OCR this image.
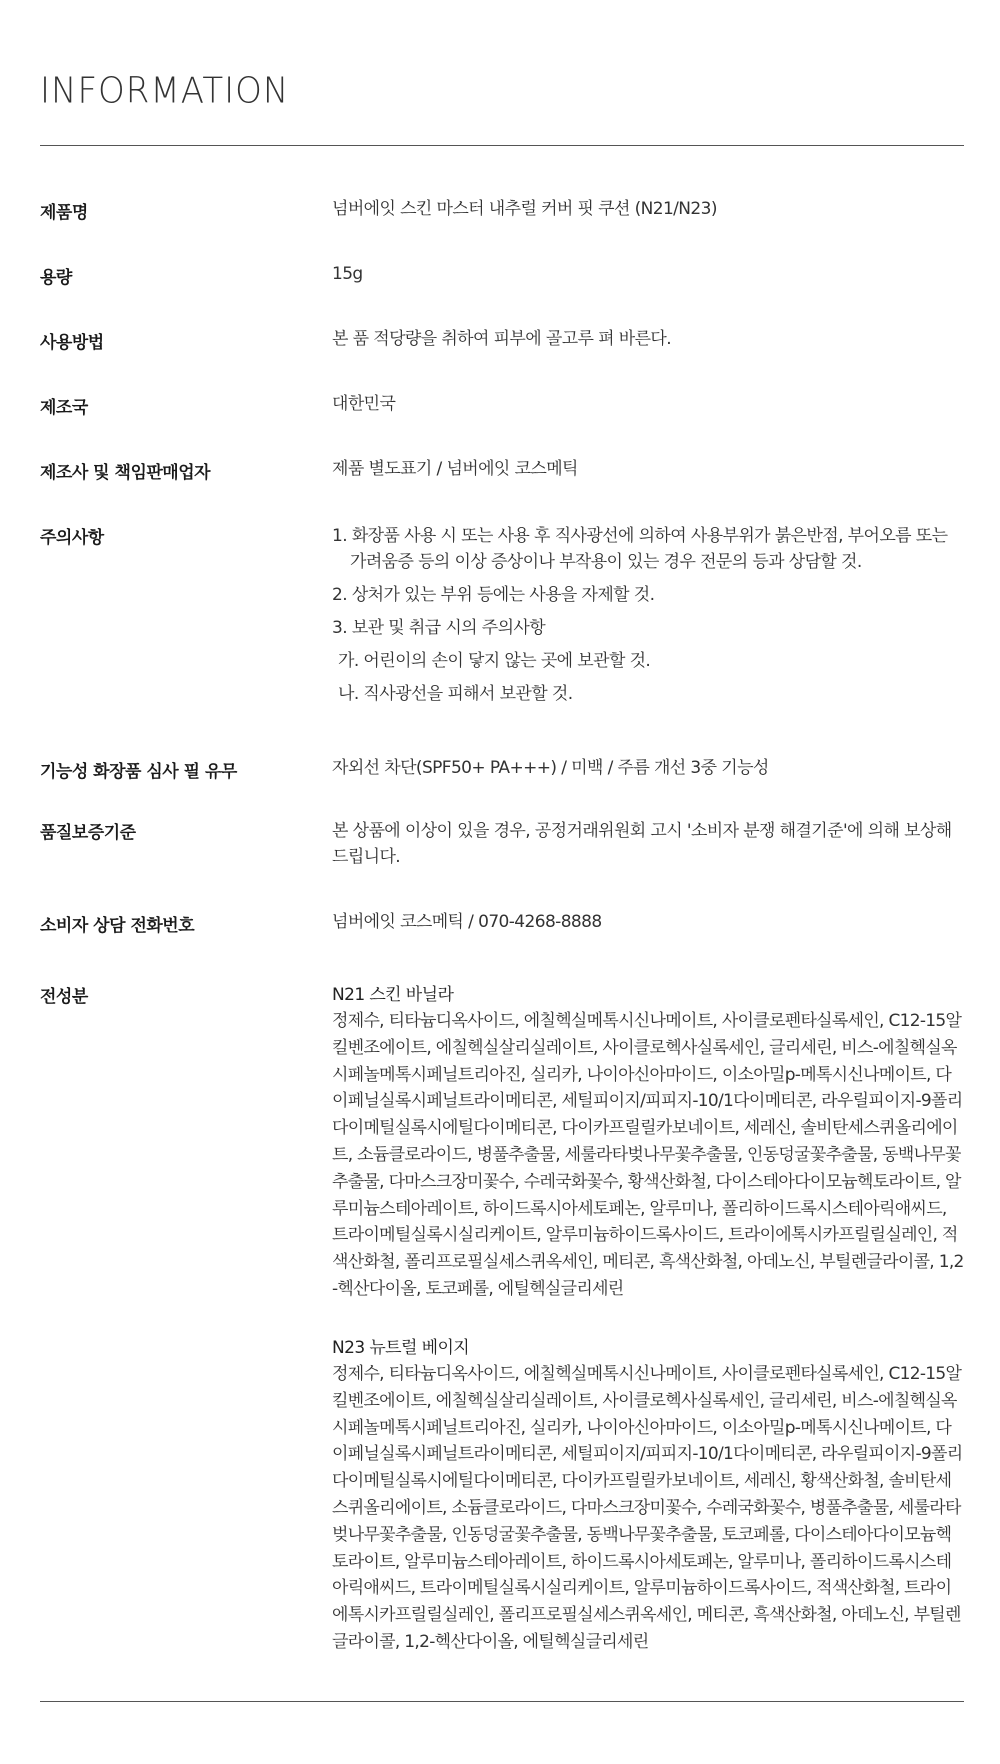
INFORMATION
제품명	넘버에잇 스킨 마스터 내추럴 커버 핏 쿠션 (N21/N23)
용량	15g
사용방법	본 품 적당량을 취하여 피부에 골고루 펴 바른다.
제조국	대한민국
제조사 및 책임판매업자	제품 별도표기 / 넘버에잇 코스메틱
주의사항	1. 화장품 사용 시 또는 사용 후 직사광선에 의하여 사용부위가 붉은반점, 부어오름 또는 가려움증 등의 이상 증상이나 부작용이 있는 경우 전문의 등과 상담할 것.
2. 상처가 있는 부위 등에는 사용을 자제할 것.
3. 보관 및 취급 시의 주의사항
가. 어린이의 손이 닿지 않는 곳에 보관할 것.
나. 직사광선을 피해서 보관할 것.
기능성 화장품 심사 필 유무	자외선 차단(SPF50+ PA+++) / 미백 / 주름 개선 3중 기능성
품질보증기준	본 상품에 이상이 있을 경우, 공정거래위원회 고시 '소비자 분쟁 해결기준'에 의해 보상해드립니다.
소비자 상담 전화번호	넘버에잇 코스메틱 / 070-4268-8888
전성분	N21 스킨 바닐라
정제수, 티타늄디옥사이드, 에칠헥실메톡시신나메이트, 사이클로펜타실록세인, C12-15알킬벤조에이트, 에칠헥실살리실레이트, 사이클로헥사실록세인, 글리세린, 비스-에칠헥실옥시페놀메톡시페닐트리아진, 실리카, 나이아신아마이드, 이소아밀p-메톡시신나메이트, 다이페닐실록시페닐트라이메티콘, 세틸피이지/피피지-10/1다이메티콘, 라우릴피이지-9폴리다이메틸실록시에틸다이메티콘, 다이카프릴릴카보네이트, 세레신, 솔비탄세스퀴올리에이트, 소듐클로라이드, 병풀추출물, 세룰라타벚나무꽃추출물, 인동덩굴꽃추출물, 동백나무꽃추출물, 다마스크장미꽃수, 수레국화꽃수, 황색산화철, 다이스테아다이모늄헥토라이트, 알루미늄스테아레이트, 하이드록시아세토페논, 알루미나, 폴리하이드록시스테아릭애씨드, 트라이메틸실록시실리케이트, 알루미늄하이드록사이드, 트라이에톡시카프릴릴실레인, 적색산화철, 폴리프로필실세스퀴옥세인, 메티콘, 흑색산화철, 아데노신, 부틸렌글라이콜, 1,2-헥산다이올, 토코페롤, 에틸헥실글리세린
N23 뉴트럴 베이지
정제수, 티타늄디옥사이드, 에칠헥실메톡시신나메이트, 사이클로펜타실록세인, C12-15알킬벤조에이트, 에칠헥실살리실레이트, 사이클로헥사실록세인, 글리세린, 비스-에칠헥실옥시페놀메톡시페닐트리아진, 실리카, 나이아신아마이드, 이소아밀p-메톡시신나메이트, 다이페닐실록시페닐트라이메티콘, 세틸피이지/피피지-10/1다이메티콘, 라우릴피이지-9폴리다이메틸실록시에틸다이메티콘, 다이카프릴릴카보네이트, 세레신, 황색산화철, 솔비탄세스퀴올리에이트, 소듐클로라이드, 다마스크장미꽃수, 수레국화꽃수, 병풀추출물, 세룰라타벚나무꽃추출물, 인동덩굴꽃추출물, 동백나무꽃추출물, 토코페롤, 다이스테아다이모늄헥토라이트, 알루미늄스테아레이트, 하이드록시아세토페논, 알루미나, 폴리하이드록시스테아릭애씨드, 트라이메틸실록시실리케이트, 알루미늄하이드록사이드, 적색산화철, 트라이에톡시카프릴릴실레인, 폴리프로필실세스퀴옥세인, 메티콘, 흑색산화철, 아데노신, 부틸렌글라이콜, 1,2-헥산다이올, 에틸헥실글리세린
